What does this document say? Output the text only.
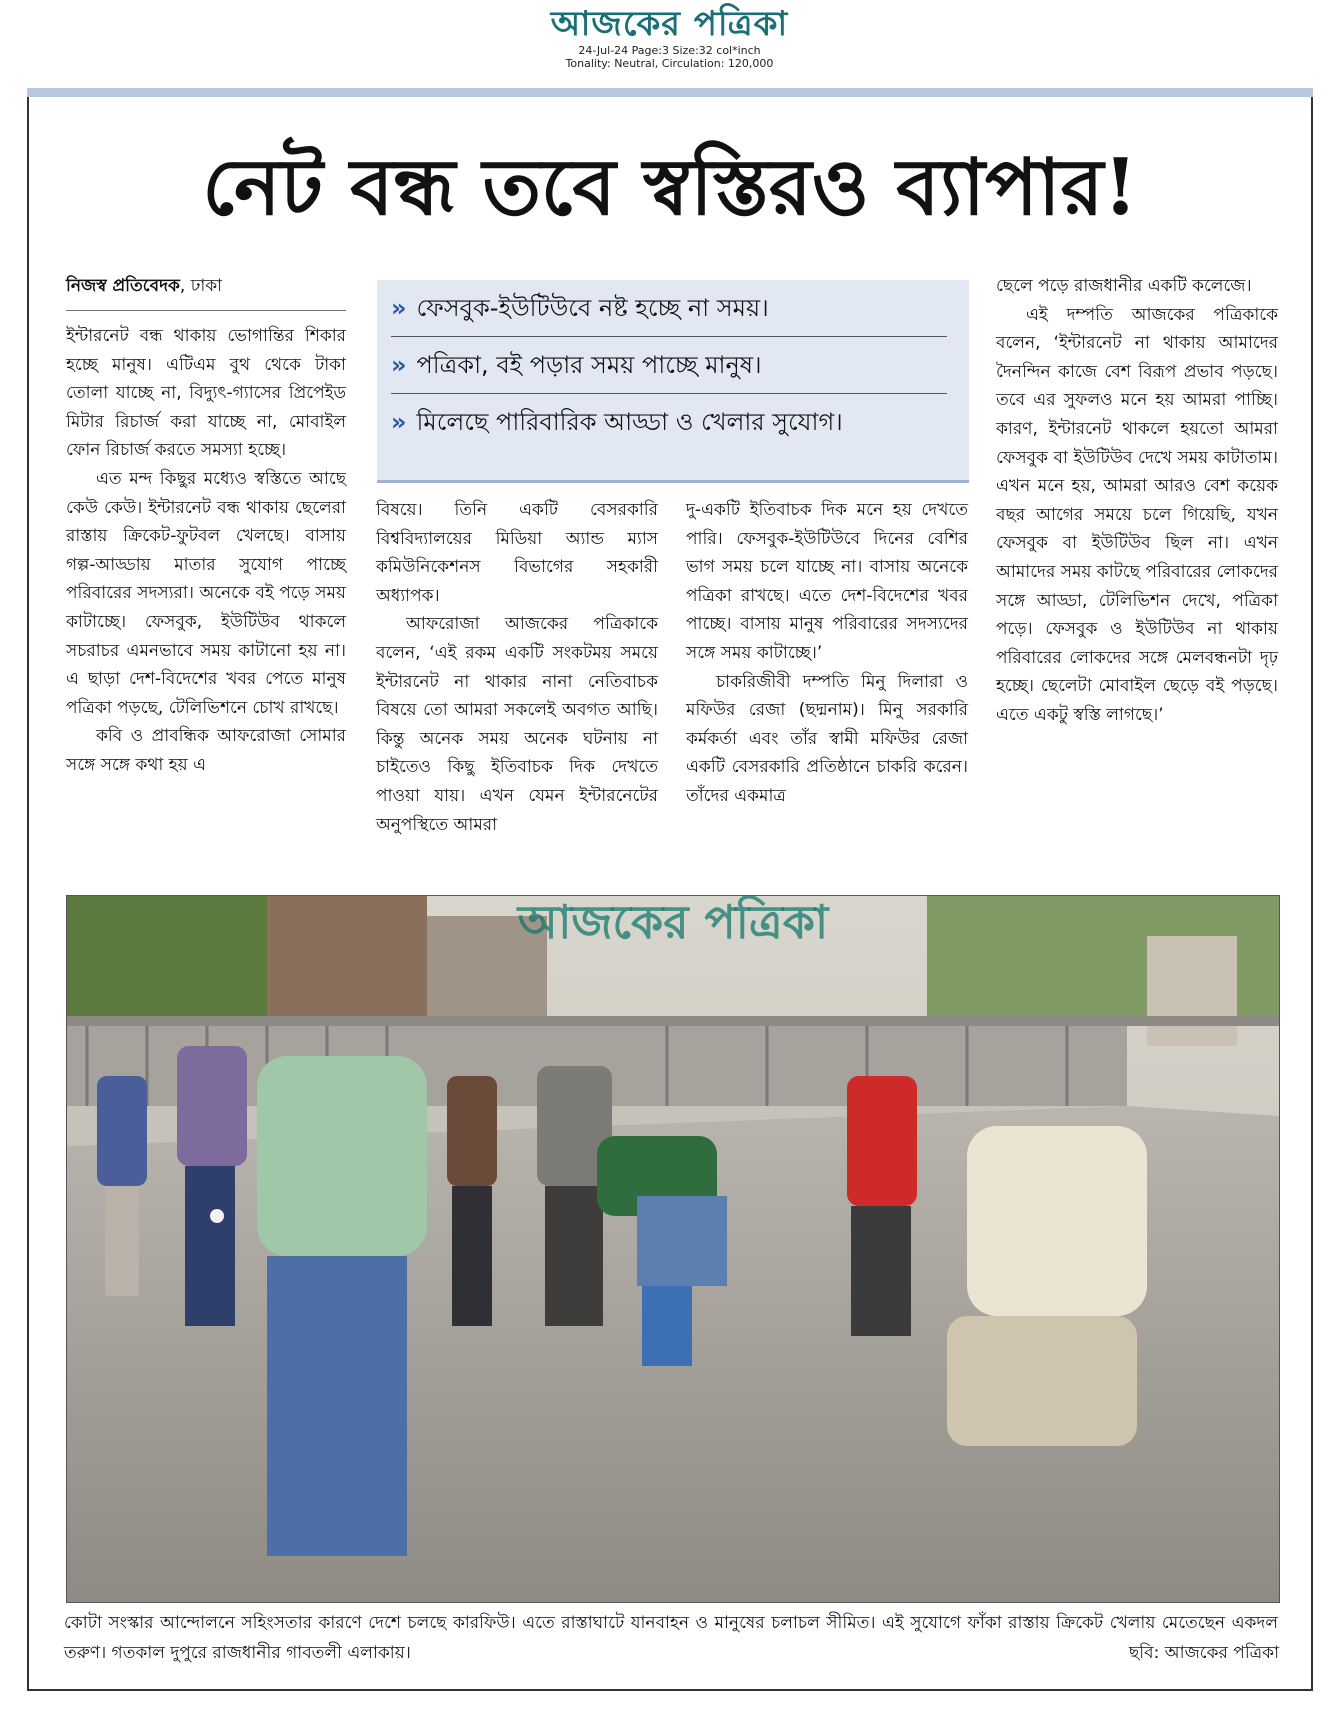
আজকের পত্রিকা
24-Jul-24 Page:3 Size:32 col*inch
Tonality: Neutral, Circulation: 120,000
নেট বন্ধ তবে স্বস্তিরও ব্যাপার!
নিজস্ব প্রতিবেদক, ঢাকা
» ফেসবুক-ইউটিউবে নষ্ট হচ্ছে না সময়।
» পত্রিকা, বই পড়ার সময় পাচ্ছে মানুষ।
» মিলেছে পারিবারিক আড্ডা ও খেলার সুযোগ।

ইন্টারনেট বন্ধ থাকায় ভোগান্তির শিকার হচ্ছে মানুষ। এটিএম বুথ থেকে টাকা তোলা যাচ্ছে না, বিদ্যুৎ-গ্যাসের প্রিপেইড মিটার রিচার্জ করা যাচ্ছে না, মোবাইল ফোন রিচার্জ করতে সমস্যা হচ্ছে।

এত মন্দ কিছুর মধ্যেও স্বস্তিতে আছে কেউ কেউ। ইন্টারনেট বন্ধ থাকায় ছেলেরা রাস্তায় ক্রিকেট-ফুটবল খেলছে। বাসায় গল্প-আড্ডায় মাতার সুযোগ পাচ্ছে পরিবারের সদস্যরা। অনেকে বই পড়ে সময় কাটাচ্ছে। ফেসবুক, ইউটিউব থাকলে সচরাচর এমনভাবে সময় কাটানো হয় না। এ ছাড়া দেশ-বিদেশের খবর পেতে মানুষ পত্রিকা পড়ছে, টেলিভিশনে চোখ রাখছে।

কবি ও প্রাবন্ধিক আফরোজা সোমার সঙ্গে সঙ্গে কথা হয় এ

বিষয়ে। তিনি একটি বেসরকারি বিশ্ববিদ্যালয়ের মিডিয়া অ্যান্ড ম্যাস কমিউনিকেশনস বিভাগের সহকারী অধ্যাপক।

আফরোজা আজকের পত্রিকাকে বলেন, ‘এই রকম একটি সংকটময় সময়ে ইন্টারনেট না থাকার নানা নেতিবাচক বিষয়ে তো আমরা সকলেই অবগত আছি। কিন্তু অনেক সময় অনেক ঘটনায় না চাইতেও কিছু ইতিবাচক দিক দেখতে পাওয়া যায়। এখন যেমন ইন্টারনেটের অনুপস্থিতে আমরা

দু-একটি ইতিবাচক দিক মনে হয় দেখতে পারি। ফেসবুক-ইউটিউবে দিনের বেশির ভাগ সময় চলে যাচ্ছে না। বাসায় অনেকে পত্রিকা রাখছে। এতে দেশ-বিদেশের খবর পাচ্ছে। বাসায় মানুষ পরিবারের সদস্যদের সঙ্গে সময় কাটাচ্ছে।’

চাকরিজীবী দম্পতি মিনু দিলারা ও মফিউর রেজা (ছদ্মনাম)। মিনু সরকারি কর্মকর্তা এবং তাঁর স্বামী মফিউর রেজা একটি বেসরকারি প্রতিষ্ঠানে চাকরি করেন। তাঁদের একমাত্র

ছেলে পড়ে রাজধানীর একটি কলেজে।

এই দম্পতি আজকের পত্রিকাকে বলেন, ‘ইন্টারনেট না থাকায় আমাদের দৈনন্দিন কাজে বেশ বিরূপ প্রভাব পড়ছে। তবে এর সুফলও মনে হয় আমরা পাচ্ছি। কারণ, ইন্টারনেট থাকলে হয়তো আমরা ফেসবুক বা ইউটিউব দেখে সময় কাটাতাম। এখন মনে হয়, আমরা আরও বেশ কয়েক বছর আগের সময়ে চলে গিয়েছি, যখন ফেসবুক বা ইউটিউব ছিল না। এখন আমাদের সময় কাটছে পরিবারের লোকদের সঙ্গে আড্ডা, টেলিভিশন দেখে, পত্রিকা পড়ে। ফেসবুক ও ইউটিউব না থাকায় পরিবারের লোকদের সঙ্গে মেলবন্ধনটা দৃঢ় হচ্ছে। ছেলেটা মোবাইল ছেড়ে বই পড়ছে। এতে একটু স্বস্তি লাগছে।’

আজকের পত্রিকা
কোটা সংস্কার আন্দোলনে সহিংসতার কারণে দেশে চলছে কারফিউ। এতে রাস্তাঘাটে যানবাহন ও মানুষের চলাচল সীমিত। এই সুযোগে ফাঁকা রাস্তায় ক্রিকেট খেলায় মেতেছেন একদল তরুণ। গতকাল দুপুরে রাজধানীর গাবতলী এলাকায়।	ছবি: আজকের পত্রিকা
